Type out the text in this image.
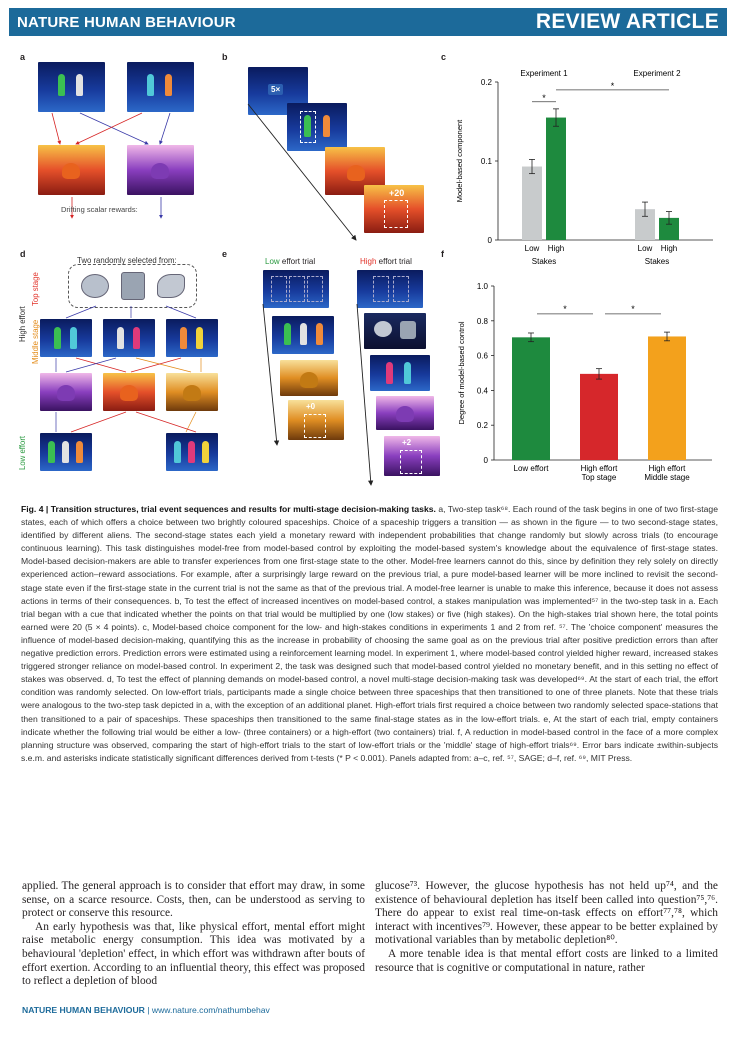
NATURE HUMAN BEHAVIOUR	REVIEW ARTICLE
a	b	c
d	e	f
Drifting scalar rewards:
5×
+20
0
0.1
0.2
Model-based component
Low High	Low High
Stakes	Stakes
Experiment 1	Experiment 2
*
*
Two randomly selected from:
High effort
Top stage
Middle stage
Low effort
Low effort trial	High effort trial
+0
+2
0
0.2
0.4
0.6
0.8
1.0
Degree of model-based control
Low effort	High effort
Top stage
High effort
Middle stage
*	*
Fig. 4 | Transition structures, trial event sequences and results for multi-stage decision-making tasks. a, Two-step task⁶⁸. Each round of the task begins in one of two first-stage states, each of which offers a choice between two brightly coloured spaceships. Choice of a spaceship triggers a transition — as shown in the figure — to two second-stage states, identified by different aliens. The second-stage states each yield a monetary reward with independent probabilities that change randomly but slowly across trials (to encourage continuous learning). This task distinguishes model-free from model-based control by exploiting the model-based system's knowledge about the equivalence of first-stage states. Model-based decision-makers are able to transfer experiences from one first-stage state to the other. Model-free learners cannot do this, since by definition they rely solely on directly experienced action–reward associations. For example, after a surprisingly large reward on the previous trial, a pure model-based learner will be more inclined to revisit the second-stage state even if the first-stage state in the current trial is not the same as that of the previous trial. A model-free learner is unable to make this inference, because it does not assess actions in terms of their consequences. b, To test the effect of increased incentives on model-based control, a stakes manipulation was implemented⁵⁷ in the two-step task in a. Each trial began with a cue that indicated whether the points on that trial would be multiplied by one (low stakes) or five (high stakes). On the high-stakes trial shown here, the total points earned were 20 (5 × 4 points). c, Model-based choice component for the low- and high-stakes conditions in experiments 1 and 2 from ref. ⁵⁷. The 'choice component' measures the influence of model-based decision-making, quantifying this as the increase in probability of choosing the same goal as on the previous trial after positive prediction errors than after negative prediction errors. Prediction errors were estimated using a reinforcement learning model. In experiment 1, where model-based control yielded higher reward, increased stakes triggered stronger reliance on model-based control. In experiment 2, the task was designed such that model-based control yielded no monetary benefit, and in this setting no effect of stakes was observed. d, To test the effect of planning demands on model-based control, a novel multi-stage decision-making task was developed⁶⁹. At the start of each trial, the effort condition was randomly selected. On low-effort trials, participants made a single choice between three spaceships that then transitioned to one of three planets. Note that these trials were analogous to the two-step task depicted in a, with the exception of an additional planet. High-effort trials first required a choice between two randomly selected space-stations that then transitioned to a pair of spaceships. These spaceships then transitioned to the same final-stage states as in the low-effort trials. e, At the start of each trial, empty containers indicate whether the following trial would be either a low- (three containers) or a high-effort (two containers) trial. f, A reduction in model-based control in the face of a more complex planning structure was observed, comparing the start of high-effort trials to the start of low-effort trials or the 'middle' stage of high-effort trials⁶⁹. Error bars indicate ±within-subjects s.e.m. and asterisks indicate statistically significant differences derived from t-tests (* P < 0.001). Panels adapted from: a–c, ref. ⁵⁷, SAGE; d–f, ref. ⁶⁹, MIT Press.

applied. The general approach is to consider that effort may draw, in some sense, on a scarce resource. Costs, then, can be understood as serving to protect or conserve this resource.

An early hypothesis was that, like physical effort, mental effort might raise metabolic energy consumption. This idea was motivated by a behavioural 'depletion' effect, in which effort was withdrawn after bouts of effort exertion. According to an influential theory, this effect was proposed to reflect a depletion of blood

glucose⁷³. However, the glucose hypothesis has not held up⁷⁴, and the existence of behavioural depletion has itself been called into question⁷⁵,⁷⁶. There do appear to exist real time-on-task effects on effort⁷⁷,⁷⁸, which interact with incentives⁷⁹. However, these appear to be better explained by motivational variables than by metabolic depletion⁸⁰.

A more tenable idea is that mental effort costs are linked to a limited resource that is cognitive or computational in nature, rather

NATURE HUMAN BEHAVIOUR | www.nature.com/nathumbehav
